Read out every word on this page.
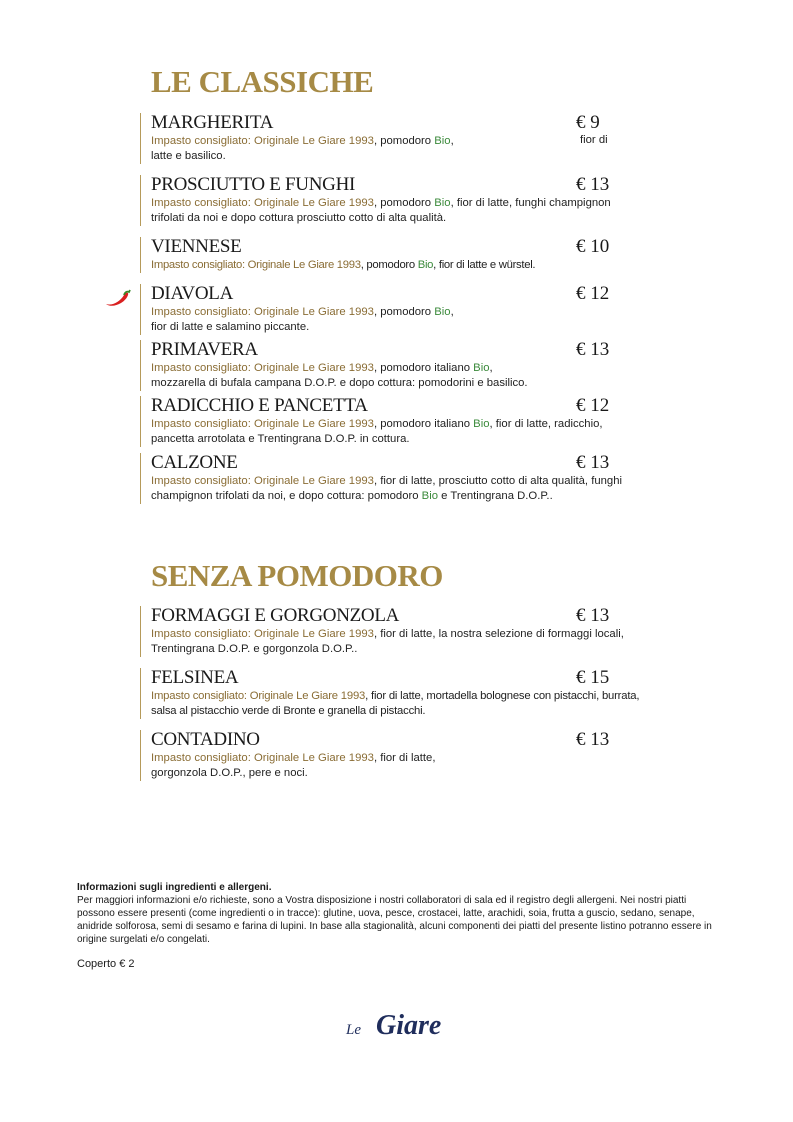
LE CLASSICHE
MARGHERITA	€ 9
Impasto consigliato: Originale Le Giare 1993, pomodoro Bio,
latte e basilico.
fior di
PROSCIUTTO E FUNGHI	€ 13
Impasto consigliato: Originale Le Giare 1993, pomodoro Bio, fior di latte, funghi champignon trifolati da noi e dopo cottura prosciutto cotto di alta qualità.
VIENNESE	€ 10
Impasto consigliato: Originale Le Giare 1993, pomodoro Bio, fior di latte e würstel.
DIAVOLA	€ 12
Impasto consigliato: Originale Le Giare 1993, pomodoro Bio,
fior di latte e salamino piccante.
PRIMAVERA	€ 13
Impasto consigliato: Originale Le Giare 1993, pomodoro italiano Bio,
mozzarella di bufala campana D.O.P. e dopo cottura: pomodorini e basilico.
RADICCHIO E PANCETTA	€ 12
Impasto consigliato: Originale Le Giare 1993, pomodoro italiano Bio, fior di latte, radicchio, pancetta arrotolata e Trentingrana D.O.P. in cottura.
CALZONE	€ 13
Impasto consigliato: Originale Le Giare 1993, fior di latte, prosciutto cotto di alta qualità, funghi champignon trifolati da noi, e dopo cottura: pomodoro Bio e Trentingrana D.O.P..
SENZA POMODORO
FORMAGGI E GORGONZOLA	€ 13
Impasto consigliato: Originale Le Giare 1993, fior di latte, la nostra selezione di formaggi locali, Trentingrana D.O.P. e gorgonzola D.O.P..
FELSINEA	€ 15
Impasto consigliato: Originale Le Giare 1993, fior di latte, mortadella bolognese con pistacchi, burrata, salsa al pistacchio verde di Bronte e granella di pistacchi.
CONTADINO	€ 13
Impasto consigliato: Originale Le Giare 1993, fior di latte,
gorgonzola D.O.P., pere e noci.
Informazioni sugli ingredienti e allergeni.
Per maggiori informazioni e/o richieste, sono a Vostra disposizione i nostri collaboratori di sala ed il registro degli allergeni. Nei nostri piatti possono essere presenti (come ingredienti o in tracce): glutine, uova, pesce, crostacei, latte, arachidi, soia, frutta a guscio, sedano, senape, anidride solforosa, semi di sesamo e farina di lupini. In base alla stagionalità, alcuni componenti dei piatti del presente listino potranno essere in origine surgelati e/o congelati.
Coperto € 2
Le Giare
